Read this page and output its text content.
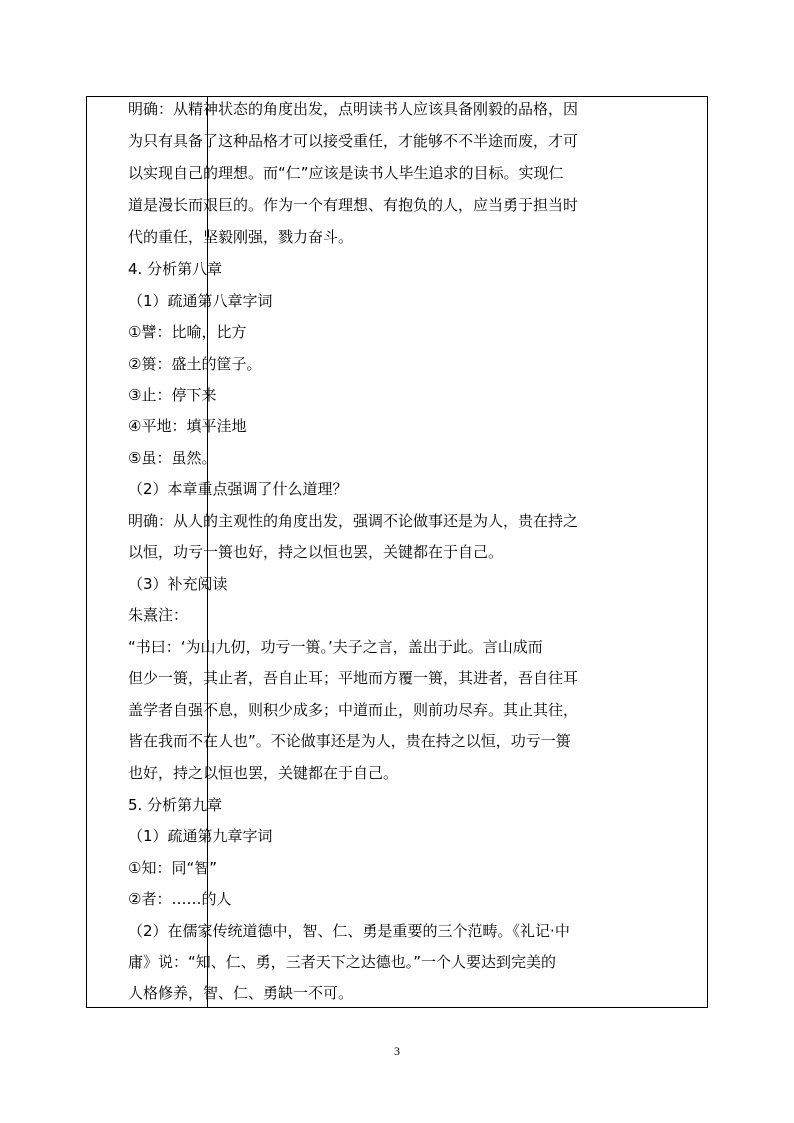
明确：从精神状态的角度出发，点明读书人应该具备刚毅的品格，因
为只有具备了这种品格才可以接受重任，才能够不不半途而废，才可
以实现自己的理想。而“仁”应该是读书人毕生追求的目标。实现仁
道是漫长而艰巨的。作为一个有理想、有抱负的人，应当勇于担当时
代的重任，坚毅刚强，戮力奋斗。
4. 分析第八章
（1）疏通第八章字词
①譬：比喻，比方
②篑：盛土的筐子。
③止：停下来
④平地：填平洼地
⑤虽：虽然。
（2）本章重点强调了什么道理？
明确：从人的主观性的角度出发，强调不论做事还是为人，贵在持之
以恒，功亏一篑也好，持之以恒也罢，关键都在于自己。
（3）补充阅读
朱熹注：
“书曰：‘为山九仞，功亏一篑。’夫子之言，盖出于此。言山成而
但少一篑，其止者，吾自止耳；平地而方覆一篑，其进者，吾自往耳
盖学者自强不息，则积少成多；中道而止，则前功尽弃。其止其往，
皆在我而不在人也”。不论做事还是为人，贵在持之以恒，功亏一篑
也好，持之以恒也罢，关键都在于自己。
5. 分析第九章
（1）疏通第九章字词
①知：同“智”
②者：……的人
（2）在儒家传统道德中，智、仁、勇是重要的三个范畴。《礼记·中
庸》说：“知、仁、勇，三者天下之达德也。”一个人要达到完美的
人格修养，智、仁、勇缺一不可。
3
